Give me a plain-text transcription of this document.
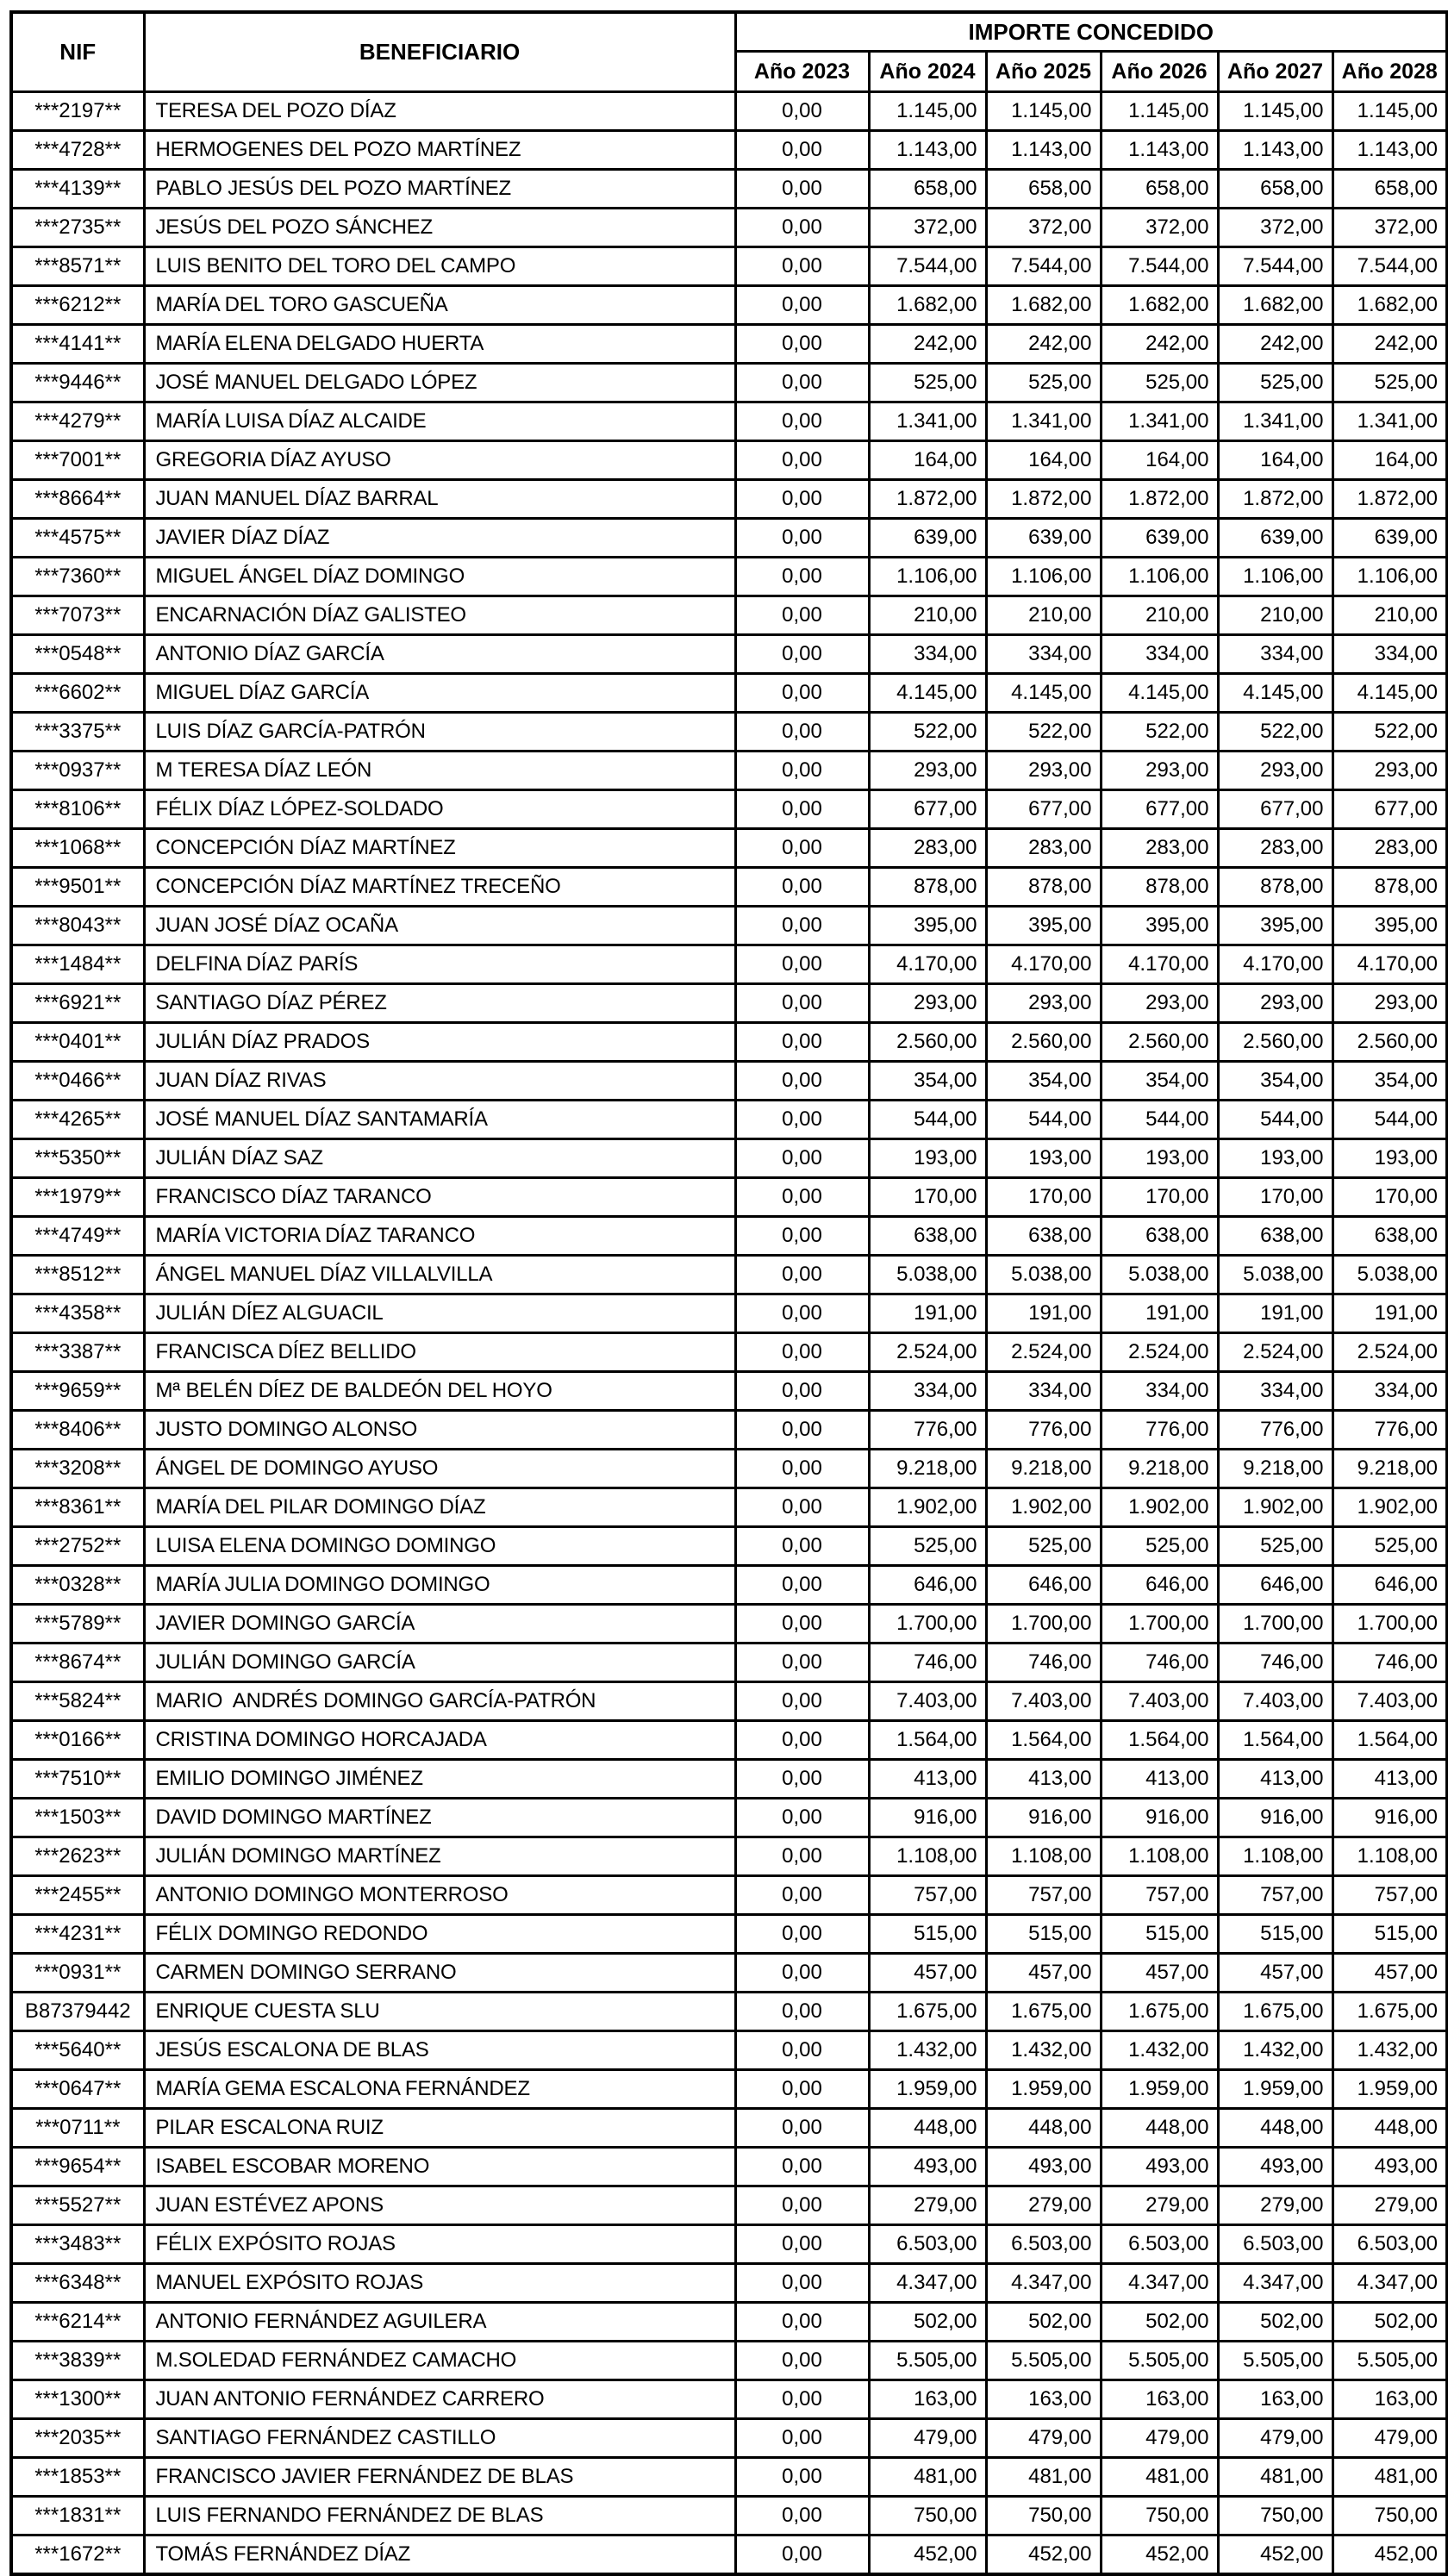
NIF	BENEFICIARIO	IMPORTE CONCEDIDO					
		Año 2023	Año 2024	Año 2025	Año 2026	Año 2027	Año 2028
***2197**	TERESA DEL POZO DÍAZ	0,00	1.145,00	1.145,00	1.145,00	1.145,00	1.145,00
***4728**	HERMOGENES DEL POZO MARTÍNEZ	0,00	1.143,00	1.143,00	1.143,00	1.143,00	1.143,00
***4139**	PABLO JESÚS DEL POZO MARTÍNEZ	0,00	658,00	658,00	658,00	658,00	658,00
***2735**	JESÚS DEL POZO SÁNCHEZ	0,00	372,00	372,00	372,00	372,00	372,00
***8571**	LUIS BENITO DEL TORO DEL CAMPO	0,00	7.544,00	7.544,00	7.544,00	7.544,00	7.544,00
***6212**	MARÍA DEL TORO GASCUEÑA	0,00	1.682,00	1.682,00	1.682,00	1.682,00	1.682,00
***4141**	MARÍA ELENA DELGADO HUERTA	0,00	242,00	242,00	242,00	242,00	242,00
***9446**	JOSÉ MANUEL DELGADO LÓPEZ	0,00	525,00	525,00	525,00	525,00	525,00
***4279**	MARÍA LUISA DÍAZ ALCAIDE	0,00	1.341,00	1.341,00	1.341,00	1.341,00	1.341,00
***7001**	GREGORIA DÍAZ AYUSO	0,00	164,00	164,00	164,00	164,00	164,00
***8664**	JUAN MANUEL DÍAZ BARRAL	0,00	1.872,00	1.872,00	1.872,00	1.872,00	1.872,00
***4575**	JAVIER DÍAZ DÍAZ	0,00	639,00	639,00	639,00	639,00	639,00
***7360**	MIGUEL ÁNGEL DÍAZ DOMINGO	0,00	1.106,00	1.106,00	1.106,00	1.106,00	1.106,00
***7073**	ENCARNACIÓN DÍAZ GALISTEO	0,00	210,00	210,00	210,00	210,00	210,00
***0548**	ANTONIO DÍAZ GARCÍA	0,00	334,00	334,00	334,00	334,00	334,00
***6602**	MIGUEL DÍAZ GARCÍA	0,00	4.145,00	4.145,00	4.145,00	4.145,00	4.145,00
***3375**	LUIS DÍAZ GARCÍA-PATRÓN	0,00	522,00	522,00	522,00	522,00	522,00
***0937**	M TERESA DÍAZ LEÓN	0,00	293,00	293,00	293,00	293,00	293,00
***8106**	FÉLIX DÍAZ LÓPEZ-SOLDADO	0,00	677,00	677,00	677,00	677,00	677,00
***1068**	CONCEPCIÓN DÍAZ MARTÍNEZ	0,00	283,00	283,00	283,00	283,00	283,00
***9501**	CONCEPCIÓN DÍAZ MARTÍNEZ TRECEÑO	0,00	878,00	878,00	878,00	878,00	878,00
***8043**	JUAN JOSÉ DÍAZ OCAÑA	0,00	395,00	395,00	395,00	395,00	395,00
***1484**	DELFINA DÍAZ PARÍS	0,00	4.170,00	4.170,00	4.170,00	4.170,00	4.170,00
***6921**	SANTIAGO DÍAZ PÉREZ	0,00	293,00	293,00	293,00	293,00	293,00
***0401**	JULIÁN DÍAZ PRADOS	0,00	2.560,00	2.560,00	2.560,00	2.560,00	2.560,00
***0466**	JUAN DÍAZ RIVAS	0,00	354,00	354,00	354,00	354,00	354,00
***4265**	JOSÉ MANUEL DÍAZ SANTAMARÍA	0,00	544,00	544,00	544,00	544,00	544,00
***5350**	JULIÁN DÍAZ SAZ	0,00	193,00	193,00	193,00	193,00	193,00
***1979**	FRANCISCO DÍAZ TARANCO	0,00	170,00	170,00	170,00	170,00	170,00
***4749**	MARÍA VICTORIA DÍAZ TARANCO	0,00	638,00	638,00	638,00	638,00	638,00
***8512**	ÁNGEL MANUEL DÍAZ VILLALVILLA	0,00	5.038,00	5.038,00	5.038,00	5.038,00	5.038,00
***4358**	JULIÁN DÍEZ ALGUACIL	0,00	191,00	191,00	191,00	191,00	191,00
***3387**	FRANCISCA DÍEZ BELLIDO	0,00	2.524,00	2.524,00	2.524,00	2.524,00	2.524,00
***9659**	Mª BELÉN DÍEZ DE BALDEÓN DEL HOYO	0,00	334,00	334,00	334,00	334,00	334,00
***8406**	JUSTO DOMINGO ALONSO	0,00	776,00	776,00	776,00	776,00	776,00
***3208**	ÁNGEL DE DOMINGO AYUSO	0,00	9.218,00	9.218,00	9.218,00	9.218,00	9.218,00
***8361**	MARÍA DEL PILAR DOMINGO DÍAZ	0,00	1.902,00	1.902,00	1.902,00	1.902,00	1.902,00
***2752**	LUISA ELENA DOMINGO DOMINGO	0,00	525,00	525,00	525,00	525,00	525,00
***0328**	MARÍA JULIA DOMINGO DOMINGO	0,00	646,00	646,00	646,00	646,00	646,00
***5789**	JAVIER DOMINGO GARCÍA	0,00	1.700,00	1.700,00	1.700,00	1.700,00	1.700,00
***8674**	JULIÁN DOMINGO GARCÍA	0,00	746,00	746,00	746,00	746,00	746,00
***5824**	MARIO  ANDRÉS DOMINGO GARCÍA-PATRÓN	0,00	7.403,00	7.403,00	7.403,00	7.403,00	7.403,00
***0166**	CRISTINA DOMINGO HORCAJADA	0,00	1.564,00	1.564,00	1.564,00	1.564,00	1.564,00
***7510**	EMILIO DOMINGO JIMÉNEZ	0,00	413,00	413,00	413,00	413,00	413,00
***1503**	DAVID DOMINGO MARTÍNEZ	0,00	916,00	916,00	916,00	916,00	916,00
***2623**	JULIÁN DOMINGO MARTÍNEZ	0,00	1.108,00	1.108,00	1.108,00	1.108,00	1.108,00
***2455**	ANTONIO DOMINGO MONTERROSO	0,00	757,00	757,00	757,00	757,00	757,00
***4231**	FÉLIX DOMINGO REDONDO	0,00	515,00	515,00	515,00	515,00	515,00
***0931**	CARMEN DOMINGO SERRANO	0,00	457,00	457,00	457,00	457,00	457,00
B87379442	ENRIQUE CUESTA SLU	0,00	1.675,00	1.675,00	1.675,00	1.675,00	1.675,00
***5640**	JESÚS ESCALONA DE BLAS	0,00	1.432,00	1.432,00	1.432,00	1.432,00	1.432,00
***0647**	MARÍA GEMA ESCALONA FERNÁNDEZ	0,00	1.959,00	1.959,00	1.959,00	1.959,00	1.959,00
***0711**	PILAR ESCALONA RUIZ	0,00	448,00	448,00	448,00	448,00	448,00
***9654**	ISABEL ESCOBAR MORENO	0,00	493,00	493,00	493,00	493,00	493,00
***5527**	JUAN ESTÉVEZ APONS	0,00	279,00	279,00	279,00	279,00	279,00
***3483**	FÉLIX EXPÓSITO ROJAS	0,00	6.503,00	6.503,00	6.503,00	6.503,00	6.503,00
***6348**	MANUEL EXPÓSITO ROJAS	0,00	4.347,00	4.347,00	4.347,00	4.347,00	4.347,00
***6214**	ANTONIO FERNÁNDEZ AGUILERA	0,00	502,00	502,00	502,00	502,00	502,00
***3839**	M.SOLEDAD FERNÁNDEZ CAMACHO	0,00	5.505,00	5.505,00	5.505,00	5.505,00	5.505,00
***1300**	JUAN ANTONIO FERNÁNDEZ CARRERO	0,00	163,00	163,00	163,00	163,00	163,00
***2035**	SANTIAGO FERNÁNDEZ CASTILLO	0,00	479,00	479,00	479,00	479,00	479,00
***1853**	FRANCISCO JAVIER FERNÁNDEZ DE BLAS	0,00	481,00	481,00	481,00	481,00	481,00
***1831**	LUIS FERNANDO FERNÁNDEZ DE BLAS	0,00	750,00	750,00	750,00	750,00	750,00
***1672**	TOMÁS FERNÁNDEZ DÍAZ	0,00	452,00	452,00	452,00	452,00	452,00
